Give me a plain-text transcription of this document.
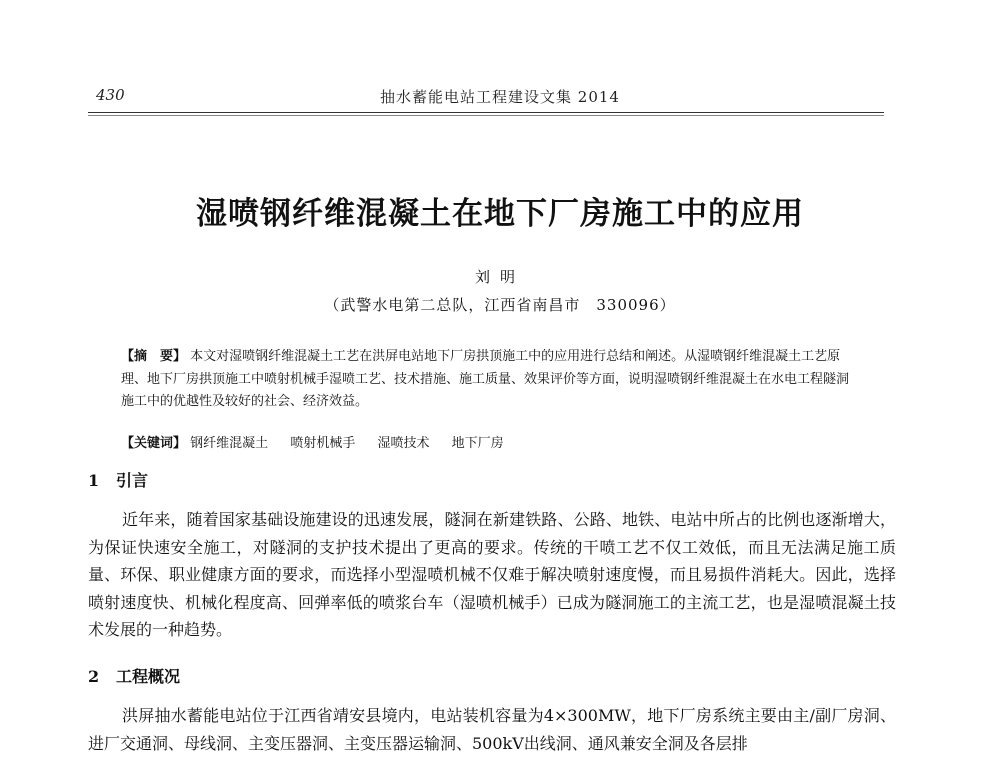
430	抽水蓄能电站工程建设文集 2014
湿喷钢纤维混凝土在地下厂房施工中的应用
刘明
（武警水电第二总队，江西省南昌市　330096）
【摘　要】 本文对湿喷钢纤维混凝土工艺在洪屏电站地下厂房拱顶施工中的应用进行总结和阐述。从湿喷钢纤维混凝土工艺原理、地下厂房拱顶施工中喷射机械手湿喷工艺、技术措施、施工质量、效果评价等方面，说明湿喷钢纤维混凝土在水电工程隧洞施工中的优越性及较好的社会、经济效益。
【关键词】 钢纤维混凝土 喷射机械手 湿喷技术 地下厂房
1 引言

近年来，随着国家基础设施建设的迅速发展，隧洞在新建铁路、公路、地铁、电站中所占的比例也逐渐增大，为保证快速安全施工，对隧洞的支护技术提出了更高的要求。传统的干喷工艺不仅工效低，而且无法满足施工质量、环保、职业健康方面的要求，而选择小型湿喷机械不仅难于解决喷射速度慢，而且易损件消耗大。因此，选择喷射速度快、机械化程度高、回弹率低的喷浆台车（湿喷机械手）已成为隧洞施工的主流工艺，也是湿喷混凝土技术发展的一种趋势。

2 工程概况

洪屏抽水蓄能电站位于江西省靖安县境内，电站装机容量为4×300MW，地下厂房系统主要由主/副厂房洞、进厂交通洞、母线洞、主变压器洞、主变压器运输洞、500kV出线洞、通风兼安全洞及各层排
